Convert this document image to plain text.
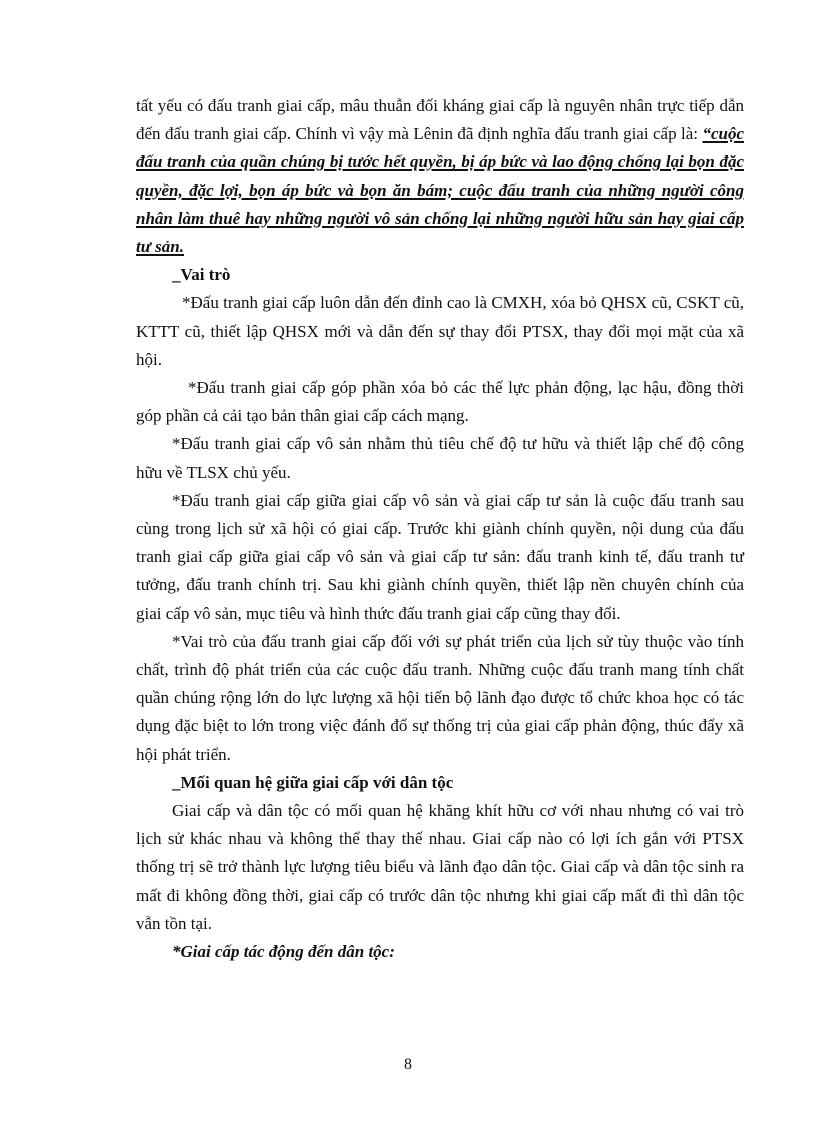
tất yếu có đấu tranh giai cấp, mâu thuẫn đối kháng giai cấp là nguyên nhân trực tiếp dẫn đến đấu tranh giai cấp. Chính vì vậy mà Lênin đã định nghĩa đấu tranh giai cấp là: “cuộc đấu tranh của quần chúng bị tước hết quyền, bị áp bức và lao động chống lại bọn đặc quyền, đặc lợi, bọn áp bức và bọn ăn bám; cuộc đấu tranh của những người công nhân làm thuê hay những người vô sản chống lại những người hữu sản hay giai cấp tư sản.

_Vai trò

*Đấu tranh giai cấp luôn dẫn đến đỉnh cao là CMXH, xóa bỏ QHSX cũ, CSKT cũ, KTTT cũ, thiết lập QHSX mới và dẫn đến sự thay đổi PTSX, thay đổi mọi mặt của xã hội.

*Đấu tranh giai cấp góp phần xóa bỏ các thế lực phản động, lạc hậu, đồng thời góp phần cả cải tạo bản thân giai cấp cách mạng.

*Đấu tranh giai cấp vô sản nhằm thủ tiêu chế độ tư hữu và thiết lập chế độ công hữu về TLSX chủ yếu.

*Đấu tranh giai cấp giữa giai cấp vô sản và giai cấp tư sản là cuộc đấu tranh sau cùng trong lịch sử xã hội có giai cấp. Trước khi giành chính quyền, nội dung của đấu tranh giai cấp giữa giai cấp vô sản và giai cấp tư sản: đấu tranh kinh tế, đấu tranh tư tưởng, đấu tranh chính trị. Sau khi giành chính quyền, thiết lập nền chuyên chính của giai cấp vô sản, mục tiêu và hình thức đấu tranh giai cấp cũng thay đổi.

*Vai trò của đấu tranh giai cấp đối với sự phát triển của lịch sử tùy thuộc vào tính chất, trình độ phát triển của các cuộc đấu tranh. Những cuộc đấu tranh mang tính chất quần chúng rộng lớn do lực lượng xã hội tiến bộ lãnh đạo được tổ chức khoa học có tác dụng đặc biệt to lớn trong việc đánh đổ sự thống trị của giai cấp phản động, thúc đẩy xã hội phát triển.

_Mối quan hệ giữa giai cấp với dân tộc

Giai cấp và dân tộc có mối quan hệ khăng khít hữu cơ với nhau nhưng có vai trò lịch sử khác nhau và không thể thay thế nhau. Giai cấp nào có lợi ích gắn với PTSX thống trị sẽ trở thành lực lượng tiêu biểu và lãnh đạo dân tộc. Giai cấp và dân tộc sinh ra mất đi không đồng thời, giai cấp có trước dân tộc nhưng khi giai cấp mất đi thì dân tộc vẫn tồn tại.

*Giai cấp tác động đến dân tộc:

8
